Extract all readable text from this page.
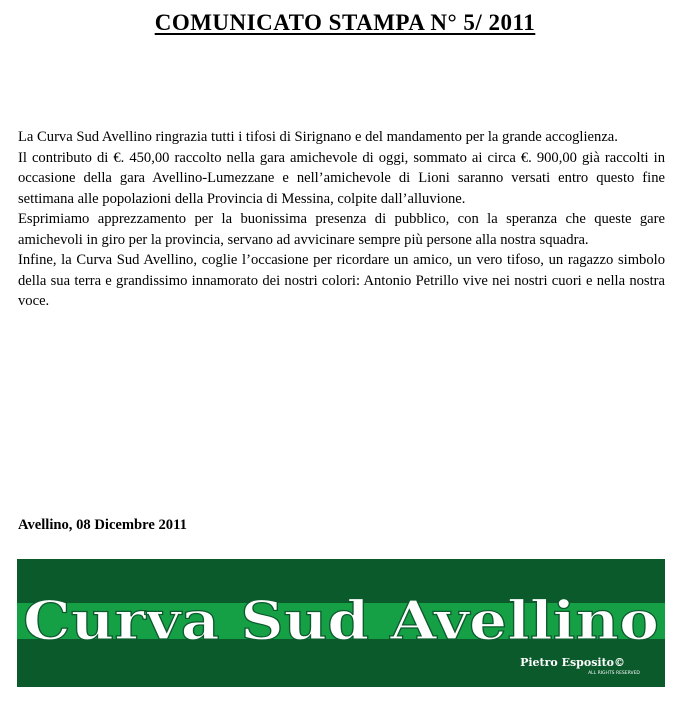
COMUNICATO STAMPA N° 5/ 2011

La Curva Sud Avellino ringrazia tutti i tifosi di Sirignano e del mandamento per la grande accoglienza.

Il contributo di €. 450,00 raccolto nella gara amichevole di oggi, sommato ai circa €. 900,00 già raccolti in occasione della gara Avellino-Lumezzane e nell’amichevole di Lioni saranno versati entro questo fine settimana alle popolazioni della Provincia di Messina, colpite dall’alluvione.

Esprimiamo apprezzamento per la buonissima presenza di pubblico, con la speranza che queste gare amichevoli in giro per la provincia, servano ad avvicinare sempre più persone alla nostra squadra.

Infine, la Curva Sud Avellino, coglie l’occasione per ricordare un amico, un vero tifoso, un ragazzo simbolo della sua terra e grandissimo innamorato dei nostri colori: Antonio Petrillo vive nei nostri cuori e nella nostra voce.

Avellino, 08 Dicembre 2011
Curva Sud Avellino
Pietro Esposito©
ALL RIGHTS RESERVED
